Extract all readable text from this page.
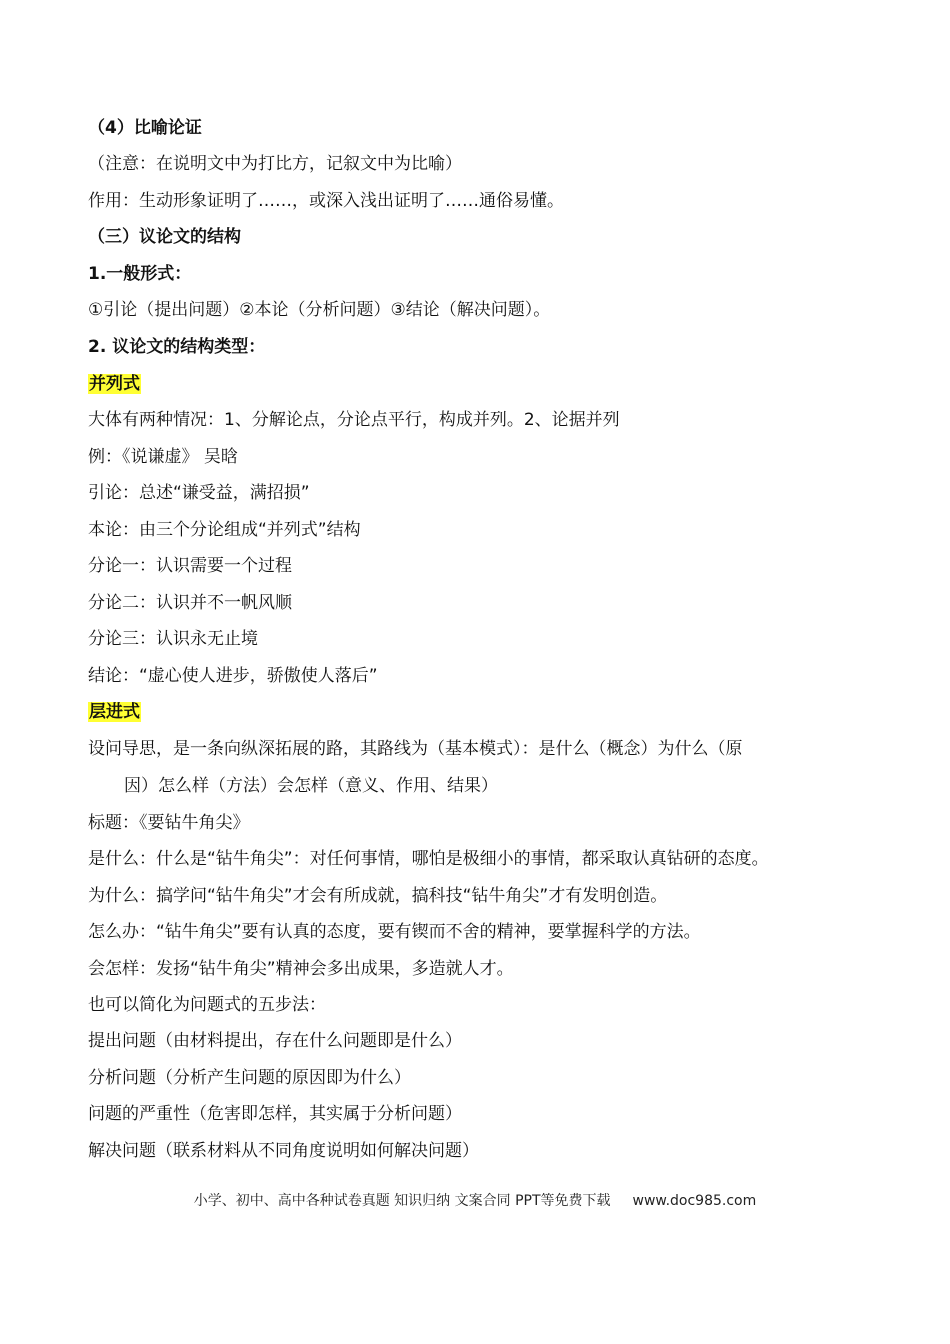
（4）比喻论证
（注意：在说明文中为打比方，记叙文中为比喻）
作用：生动形象证明了……，或深入浅出证明了……通俗易懂。
（三）议论文的结构
1.一般形式：
①引论（提出问题）②本论（分析问题）③结论（解决问题）。
2. 议论文的结构类型：
并列式
大体有两种情况：1、分解论点，分论点平行，构成并列。2、论据并列
例：《说谦虚》 吴晗
引论：总述“谦受益，满招损”
本论：由三个分论组成“并列式”结构
分论一：认识需要一个过程
分论二：认识并不一帆风顺
分论三：认识永无止境
结论：“虚心使人进步，骄傲使人落后”
层进式
设问导思，是一条向纵深拓展的路，其路线为（基本模式）：是什么（概念）为什么（原
因）怎么样（方法）会怎样（意义、作用、结果）
标题：《要钻牛角尖》
是什么：什么是“钻牛角尖”：对任何事情，哪怕是极细小的事情，都采取认真钻研的态度。
为什么：搞学问“钻牛角尖”才会有所成就，搞科技“钻牛角尖”才有发明创造。
怎么办：“钻牛角尖”要有认真的态度，要有锲而不舍的精神，要掌握科学的方法。
会怎样：发扬“钻牛角尖”精神会多出成果，多造就人才。
也可以简化为问题式的五步法：
提出问题（由材料提出，存在什么问题即是什么）
分析问题（分析产生问题的原因即为什么）
问题的严重性（危害即怎样，其实属于分析问题）
解决问题（联系材料从不同角度说明如何解决问题）
小学、初中、高中各种试卷真题 知识归纳 文案合同 PPT等免费下载 www.doc985.com
